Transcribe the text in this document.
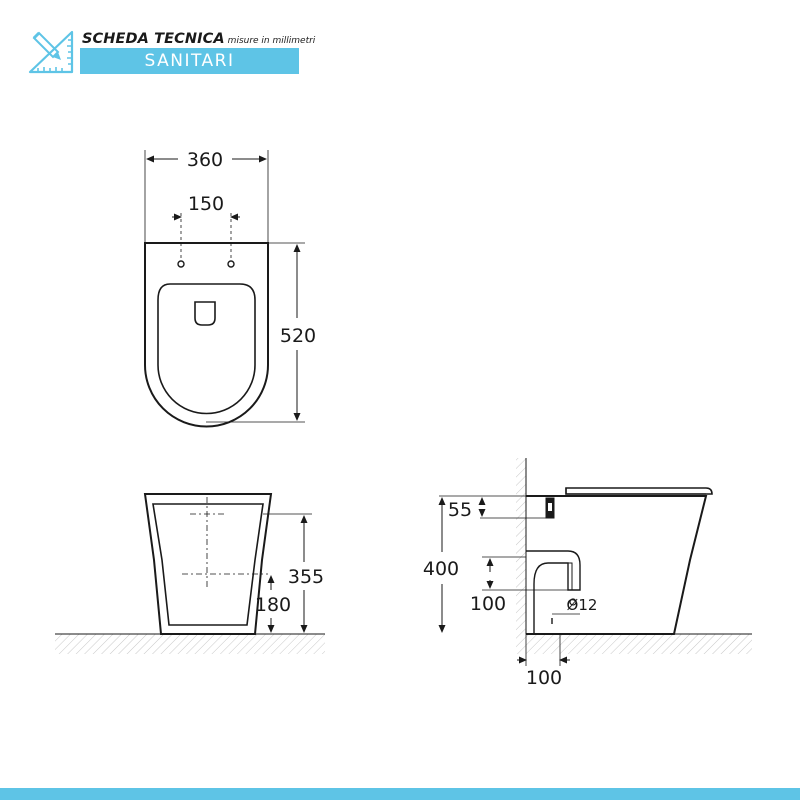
SCHEDA TECNICA misure in millimetri
SANITARI
360
150
520
355
180
55
400
100	Ø12
100
